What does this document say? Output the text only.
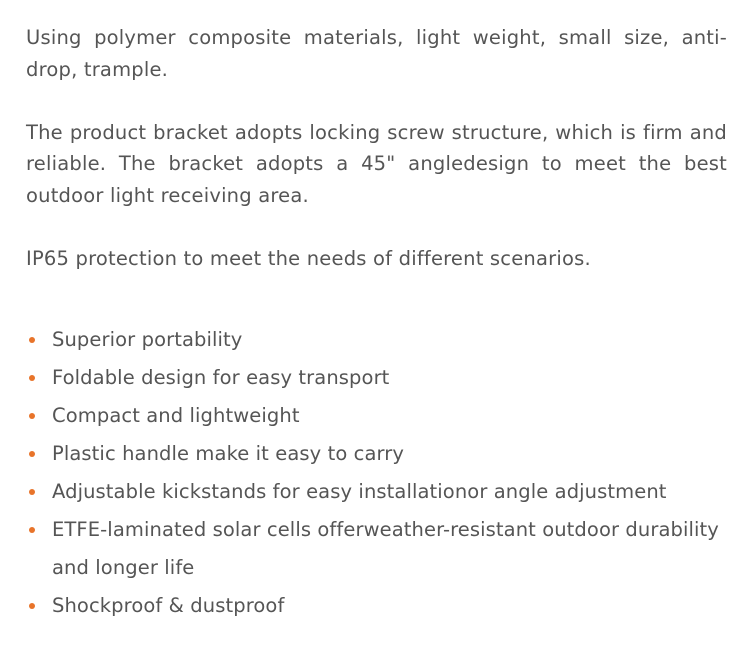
Using polymer composite materials, light weight, small size, anti-drop, trample.

The product bracket adopts locking screw structure, which is firm and reliable. The bracket adopts a 45" angledesign to meet the best outdoor light receiving area.

IP65 protection to meet the needs of different scenarios.

Superior portability
Foldable design for easy transport
Compact and lightweight
Plastic handle make it easy to carry
Adjustable kickstands for easy installationor angle adjustment
ETFE-laminated solar cells offerweather-resistant outdoor durability and longer life
Shockproof & dustproof
